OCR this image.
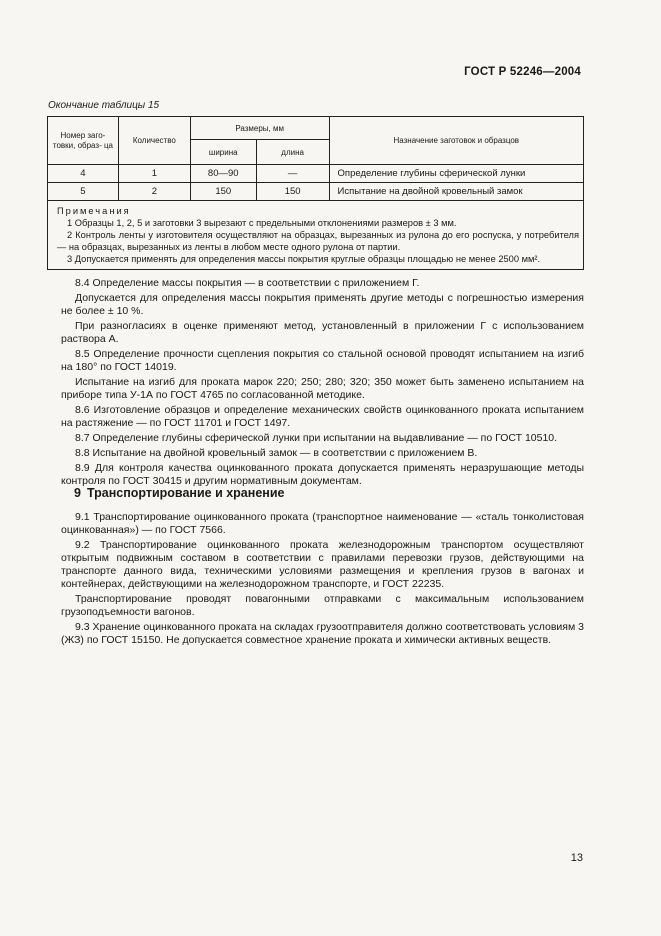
ГОСТ Р 52246—2004
Окончание таблицы 15
Номер заго- товки, образ- ца	Количество	Размеры, мм		Назначение заготовок и образцов
		ширина	длина	
4	1	80—90	—	Определение глубины сферической лунки
5	2	150	150	Испытание на двойной кровельный замок

Примечания
1 Образцы 1, 2, 5 и заготовки 3 вырезают с предельными отклонениями размеров ± 3 мм.
2 Контроль ленты у изготовителя осуществляют на образцах, вырезанных из рулона до его роспуска, у потребителя — на образцах, вырезанных из ленты в любом месте одного рулона от партии.
3 Допускается применять для определения массы покрытия круглые образцы площадью не менее 2500 мм².				

8.4 Определение массы покрытия — в соответствии с приложением Г.

Допускается для определения массы покрытия применять другие методы с погрешностью измерения не более ± 10 %.

При разногласиях в оценке применяют метод, установленный в приложении Г с использованием раствора А.

8.5 Определение прочности сцепления покрытия со стальной основой проводят испытанием на изгиб на 180° по ГОСТ 14019.

Испытание на изгиб для проката марок 220; 250; 280; 320; 350 может быть заменено испытанием на приборе типа У-1А по ГОСТ 4765 по согласованной методике.

8.6 Изготовление образцов и определение механических свойств оцинкованного проката испытанием на растяжение — по ГОСТ 11701 и ГОСТ 1497.

8.7 Определение глубины сферической лунки при испытании на выдавливание — по ГОСТ 10510.

8.8 Испытание на двойной кровельный замок — в соответствии с приложением В.

8.9 Для контроля качества оцинкованного проката допускается применять неразрушающие методы контроля по ГОСТ 30415 и другим нормативным документам.

9 Транспортирование и хранение

9.1 Транспортирование оцинкованного проката (транспортное наименование — «сталь тонколистовая оцинкованная») — по ГОСТ 7566.

9.2 Транспортирование оцинкованного проката железнодорожным транспортом осуществляют открытым подвижным составом в соответствии с правилами перевозки грузов, действующими на транспорте данного вида, техническими условиями размещения и крепления грузов в вагонах и контейнерах, действующими на железнодорожном транспорте, и ГОСТ 22235.

Транспортирование проводят повагонными отправками с максимальным использованием грузоподъемности вагонов.

9.3 Хранение оцинкованного проката на складах грузоотправителя должно соответствовать условиям 3 (ЖЗ) по ГОСТ 15150. Не допускается совместное хранение проката и химически активных веществ.

13
